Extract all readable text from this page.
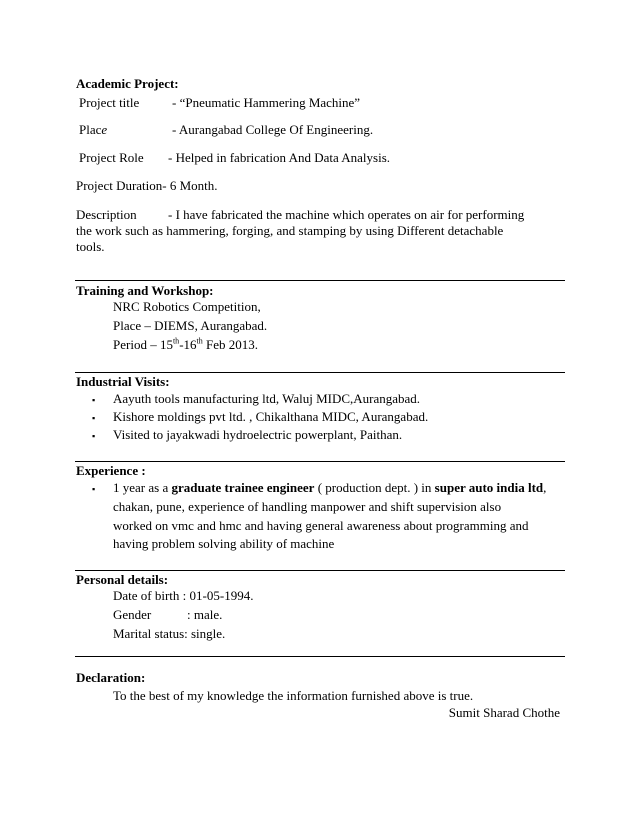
Academic Project:
Project title	- “Pneumatic Hammering Machine”
Place	- Aurangabad College Of Engineering.
Project Role - Helped in fabrication And Data Analysis.
Project Duration- 6 Month.
Description - I have fabricated the machine which operates on air for performing
the work such as hammering, forging, and stamping by using Different detachable
tools.
Training and Workshop:
NRC Robotics Competition,
Place – DIEMS, Aurangabad.
Period – 15th-16th Feb 2013.
Industrial Visits:
▪ Aayuth tools manufacturing ltd, Waluj MIDC,Aurangabad.
▪ Kishore moldings pvt ltd. , Chikalthana MIDC, Aurangabad.
▪ Visited to jayakwadi hydroelectric powerplant, Paithan.
Experience :
▪ 1 year as a graduate trainee engineer ( production dept. ) in super auto india ltd,
chakan, pune, experience of handling manpower and shift supervision also
worked on vmc and hmc and having general awareness about programming and
having problem solving ability of machine
Personal details:
Date of birth : 01-05-1994.
Gender	: male.
Marital status: single.
Declaration:
To the best of my knowledge the information furnished above is true.
Sumit Sharad Chothe
